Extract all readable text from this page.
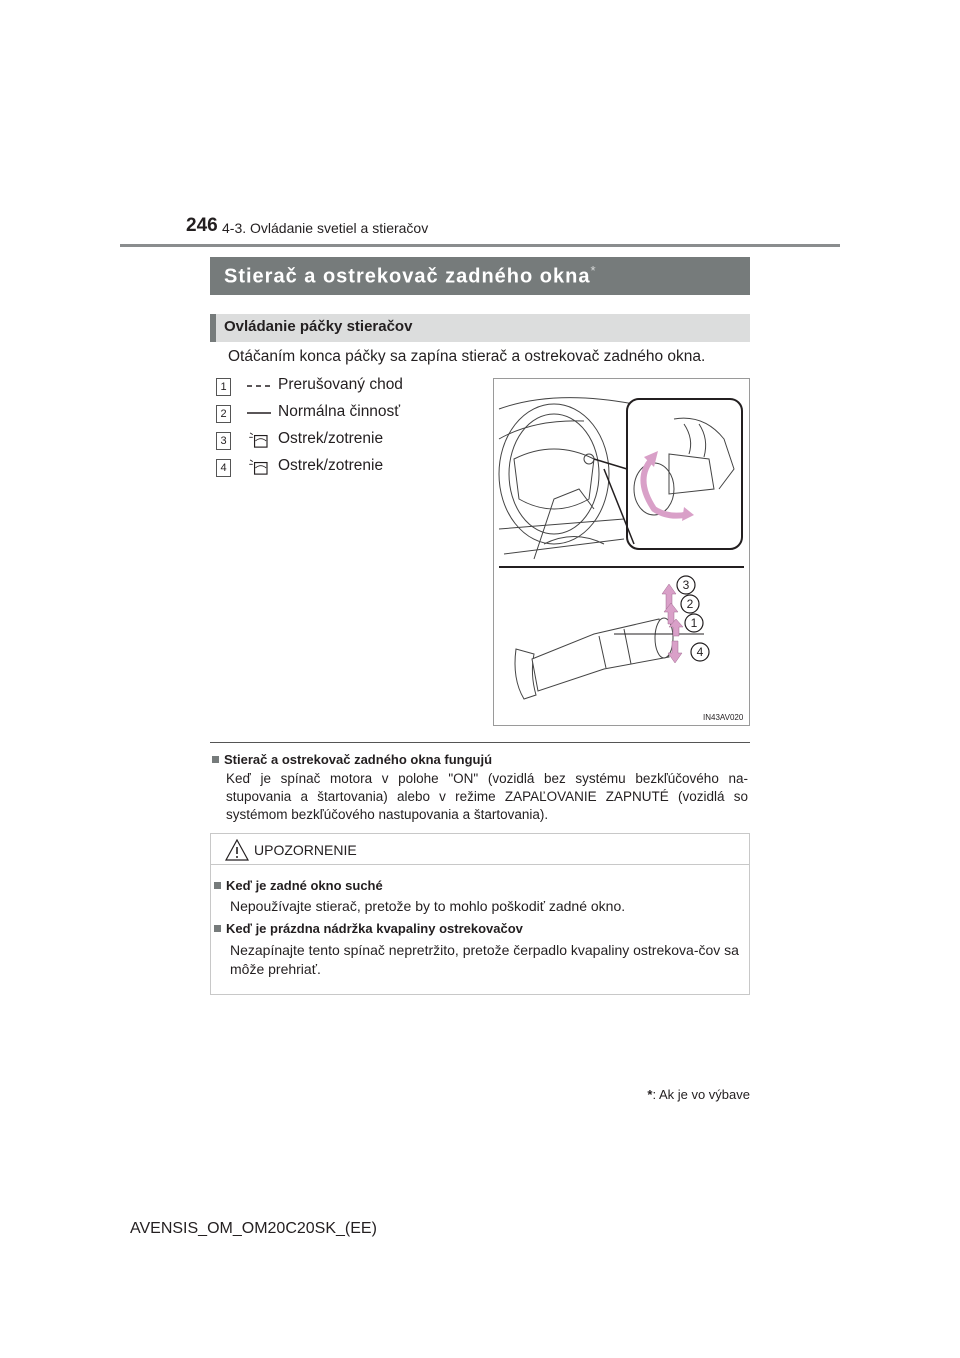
246 4-3. Ovládanie svetiel a stieračov
Stierač a ostrekovač zadného okna*
Ovládanie páčky stieračov
Otáčaním konca páčky sa zapína stierač a ostrekovač zadného okna.
1	Prerušovaný chod
2	Normálna činnosť
3	Ostrek/zotrenie
4	Ostrek/zotrenie
3
2
1
4
IN43AV020
Stierač a ostrekovač zadného okna fungujú
Keď je spínač motora v polohe "ON" (vozidlá bez systému bezkľúčového na-stupovania a štartovania) alebo v režime ZAPAĽOVANIE ZAPNUTÉ (vozidlá so systémom bezkľúčového nastupovania a štartovania).
UPOZORNENIE
Keď je zadné okno suché
Nepoužívajte stierač, pretože by to mohlo poškodiť zadné okno.
Keď je prázdna nádržka kvapaliny ostrekovačov
Nezapínajte tento spínač nepretržito, pretože čerpadlo kvapaliny ostrekova-čov sa môže prehriať.
*: Ak je vo výbave
AVENSIS_OM_OM20C20SK_(EE)
